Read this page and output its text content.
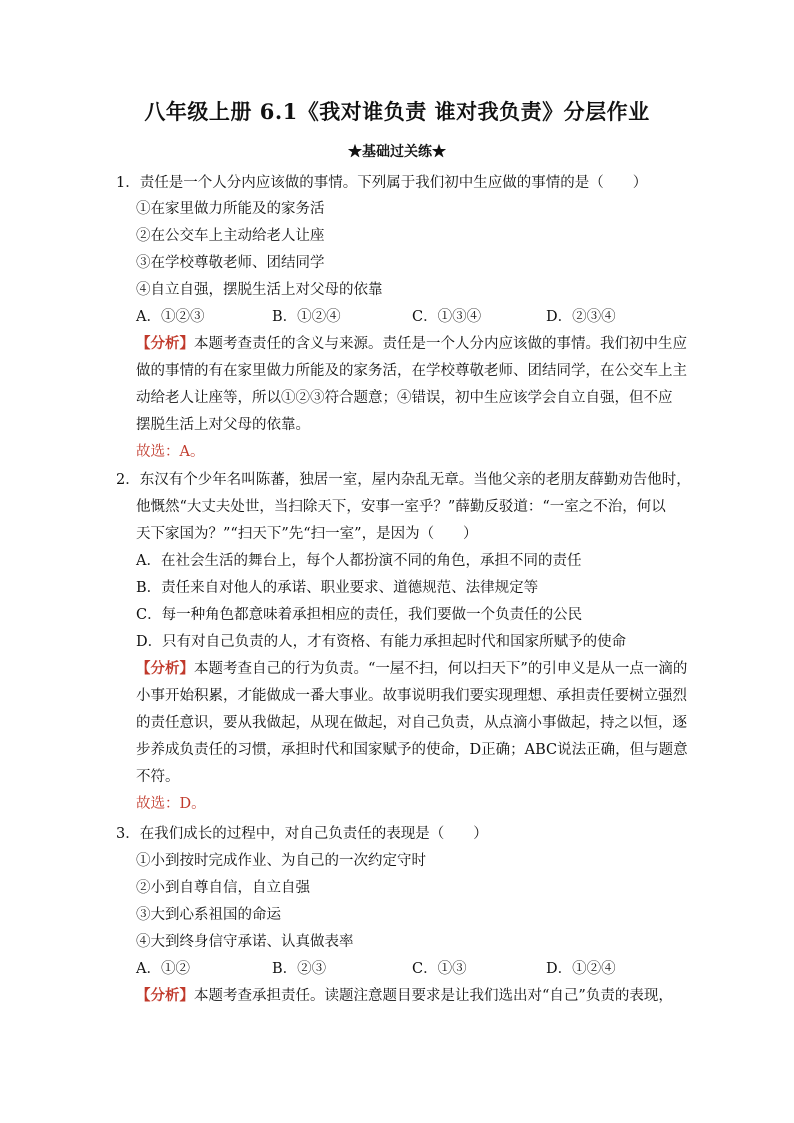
八年级上册 6.1《我对谁负责 谁对我负责》分层作业
★基础过关练★
1．责任是一个人分内应该做的事情。下列属于我们初中生应做的事情的是（　　）
①在家里做力所能及的家务活
②在公交车上主动给老人让座
③在学校尊敬老师、团结同学
④自立自强，摆脱生活上对父母的依靠
A．①②③	B．①②④	C．①③④	D．②③④
【分析】本题考查责任的含义与来源。责任是一个人分内应该做的事情。我们初中生应
做的事情的有在家里做力所能及的家务活，在学校尊敬老师、团结同学，在公交车上主
动给老人让座等，所以①②③符合题意；④错误，初中生应该学会自立自强，但不应
摆脱生活上对父母的依靠。
故选：A。
2．东汉有个少年名叫陈蕃，独居一室，屋内杂乱无章。当他父亲的老朋友薛勤劝告他时，
他慨然“大丈夫处世，当扫除天下，安事一室乎？”薛勤反驳道：“一室之不治，何以
天下家国为？”“扫天下”先“扫一室”，是因为（　　）
A．在社会生活的舞台上，每个人都扮演不同的角色，承担不同的责任
B．责任来自对他人的承诺、职业要求、道德规范、法律规定等
C．每一种角色都意味着承担相应的责任，我们要做一个负责任的公民
D．只有对自己负责的人，才有资格、有能力承担起时代和国家所赋予的使命
【分析】本题考查自己的行为负责。“一屋不扫，何以扫天下”的引申义是从一点一滴的
小事开始积累，才能做成一番大事业。故事说明我们要实现理想、承担责任要树立强烈
的责任意识，要从我做起，从现在做起，对自己负责，从点滴小事做起，持之以恒，逐
步养成负责任的习惯，承担时代和国家赋予的使命，D正确；ABC说法正确，但与题意
不符。
故选：D。
3．在我们成长的过程中，对自己负责任的表现是（　　）
①小到按时完成作业、为自己的一次约定守时
②小到自尊自信，自立自强
③大到心系祖国的命运
④大到终身信守承诺、认真做表率
A．①②	B．②③	C．①③	D．①②④
【分析】本题考查承担责任。读题注意题目要求是让我们选出对“自己”负责的表现，
